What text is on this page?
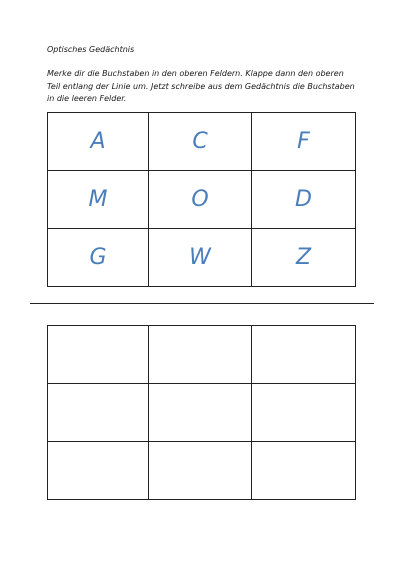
Optisches Gedächtnis
Merke dir die Buchstaben in den oberen Feldern. Klappe dann den oberen Teil entlang der Linie um. Jetzt schreibe aus dem Gedächtnis die Buchstaben in die leeren Felder.
A	C	F
M	O	D
G	W	Z
